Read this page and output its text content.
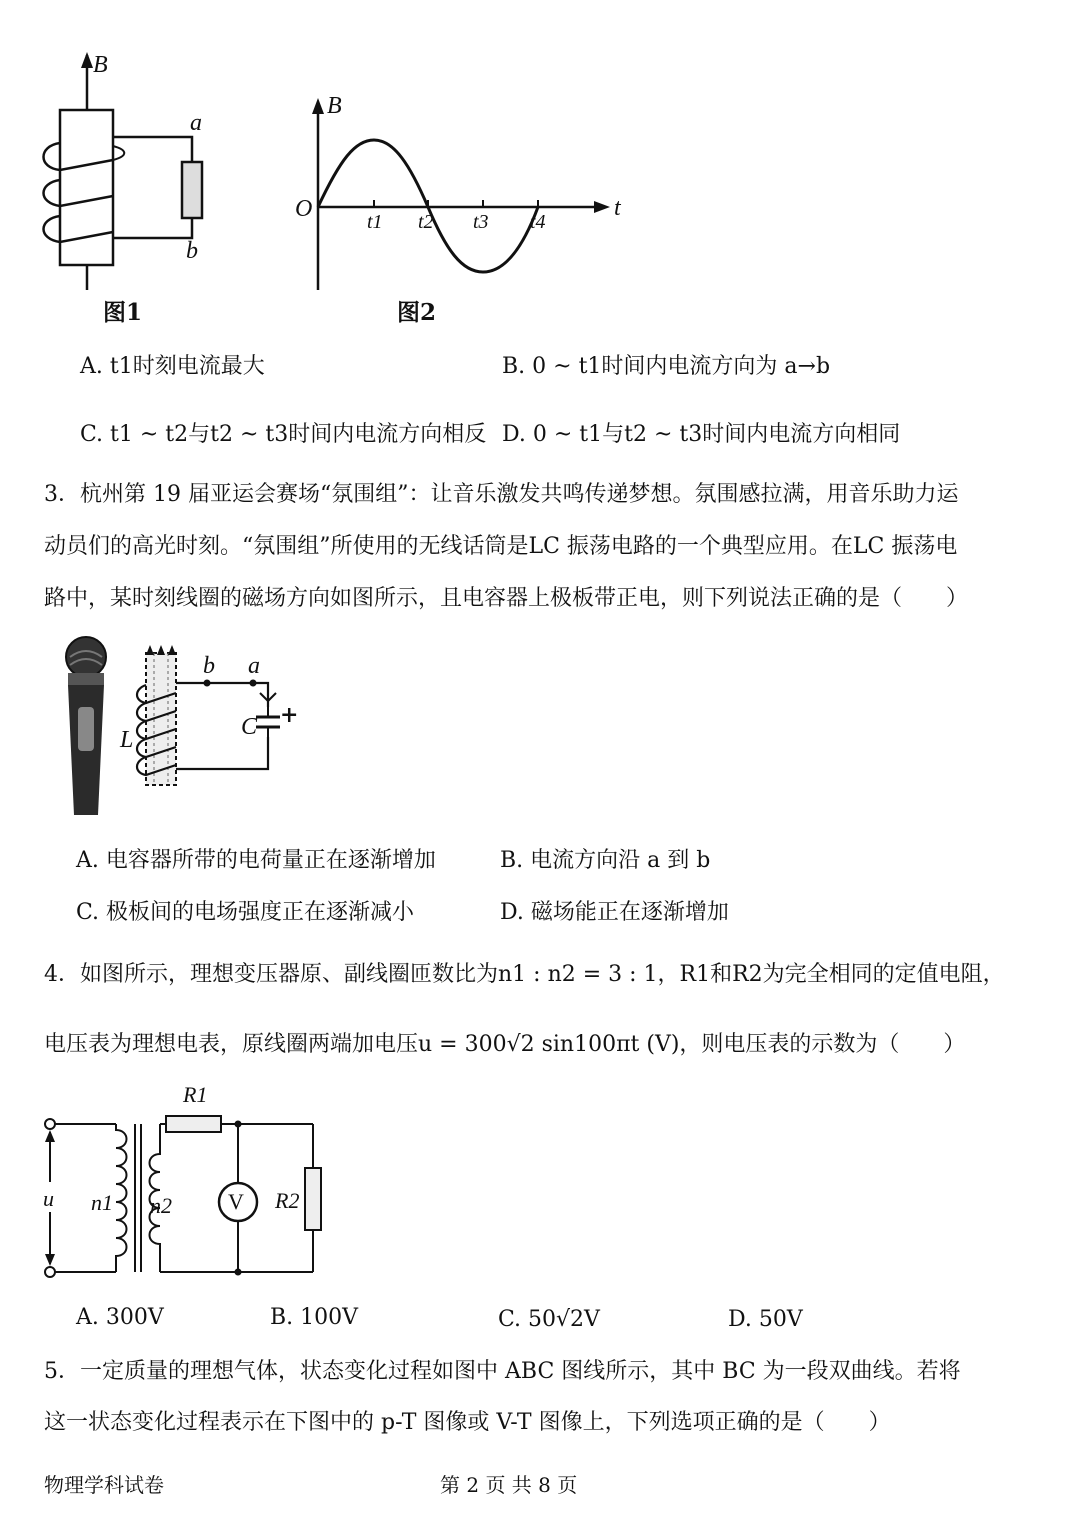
B
a
b
图1
B
t
O	t1 t2 t3 t4
图2
A. t1时刻电流最大	B. 0 ~ t1时间内电流方向为 a→b
C. t1 ~ t2与t2 ~ t3时间内电流方向相反 D. 0 ~ t1与t2 ~ t3时间内电流方向相同
3．杭州第 19 届亚运会赛场“氛围组”：让音乐激发共鸣传递梦想。氛围感拉满，用音乐助力运
动员们的高光时刻。“氛围组”所使用的无线话筒是LC 振荡电路的一个典型应用。在LC 振荡电
路中，某时刻线圈的磁场方向如图所示，且电容器上极板带正电，则下列说法正确的是（　　）
L	C
b a
+
A. 电容器所带的电荷量正在逐渐增加	B. 电流方向沿 a 到 b
C. 极板间的电场强度正在逐渐减小	D. 磁场能正在逐渐增加
4．如图所示，理想变压器原、副线圈匝数比为n1 : n2 = 3 : 1，R1和R2为完全相同的定值电阻，
电压表为理想电表，原线圈两端加电压u = 300√2 sin100πt (V)，则电压表的示数为（　　）
u n1 n2
R1
R2
V
A. 300V	B. 100V	C. 50√2V	D. 50V
5．一定质量的理想气体，状态变化过程如图中 ABC 图线所示，其中 BC 为一段双曲线。若将
这一状态变化过程表示在下图中的 p-T 图像或 V-T 图像上，下列选项正确的是（　　）
物理学科试卷	第 2 页 共 8 页
